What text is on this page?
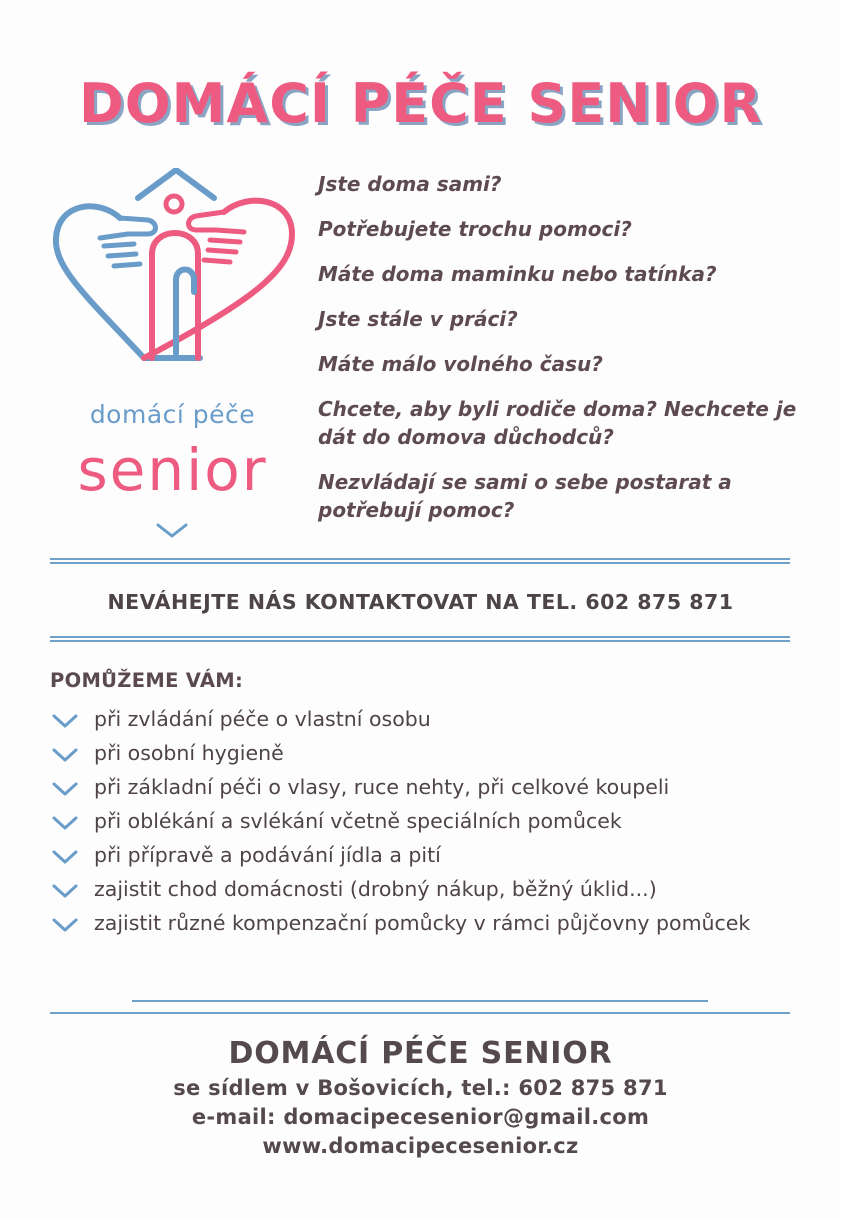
DOMÁCÍ PÉČE SENIOR
domácí péče
senior
Jste doma sami?
Potřebujete trochu pomoci?
Máte doma maminku nebo tatínka?
Jste stále v práci?
Máte málo volného času?
Chcete, aby byli rodiče doma? Nechcete je dát do domova důchodců?
Nezvládají se sami o sebe postarat a potřebují pomoc?
NEVÁHEJTE NÁS KONTAKTOVAT NA TEL. 602 875 871
POMŮŽEME VÁM:
při zvládání péče o vlastní osobu
při osobní hygieně
při základní péči o vlasy, ruce nehty, při celkové koupeli
při oblékání a svlékání včetně speciálních pomůcek
při přípravě a podávání jídla a pití
zajistit chod domácnosti (drobný nákup, běžný úklid...)
zajistit různé kompenzační pomůcky v rámci půjčovny pomůcek
DOMÁCÍ PÉČE SENIOR
se sídlem v Bošovicích, tel.: 602 875 871
e-mail: domacipecesenior@gmail.com
www.domacipecesenior.cz
